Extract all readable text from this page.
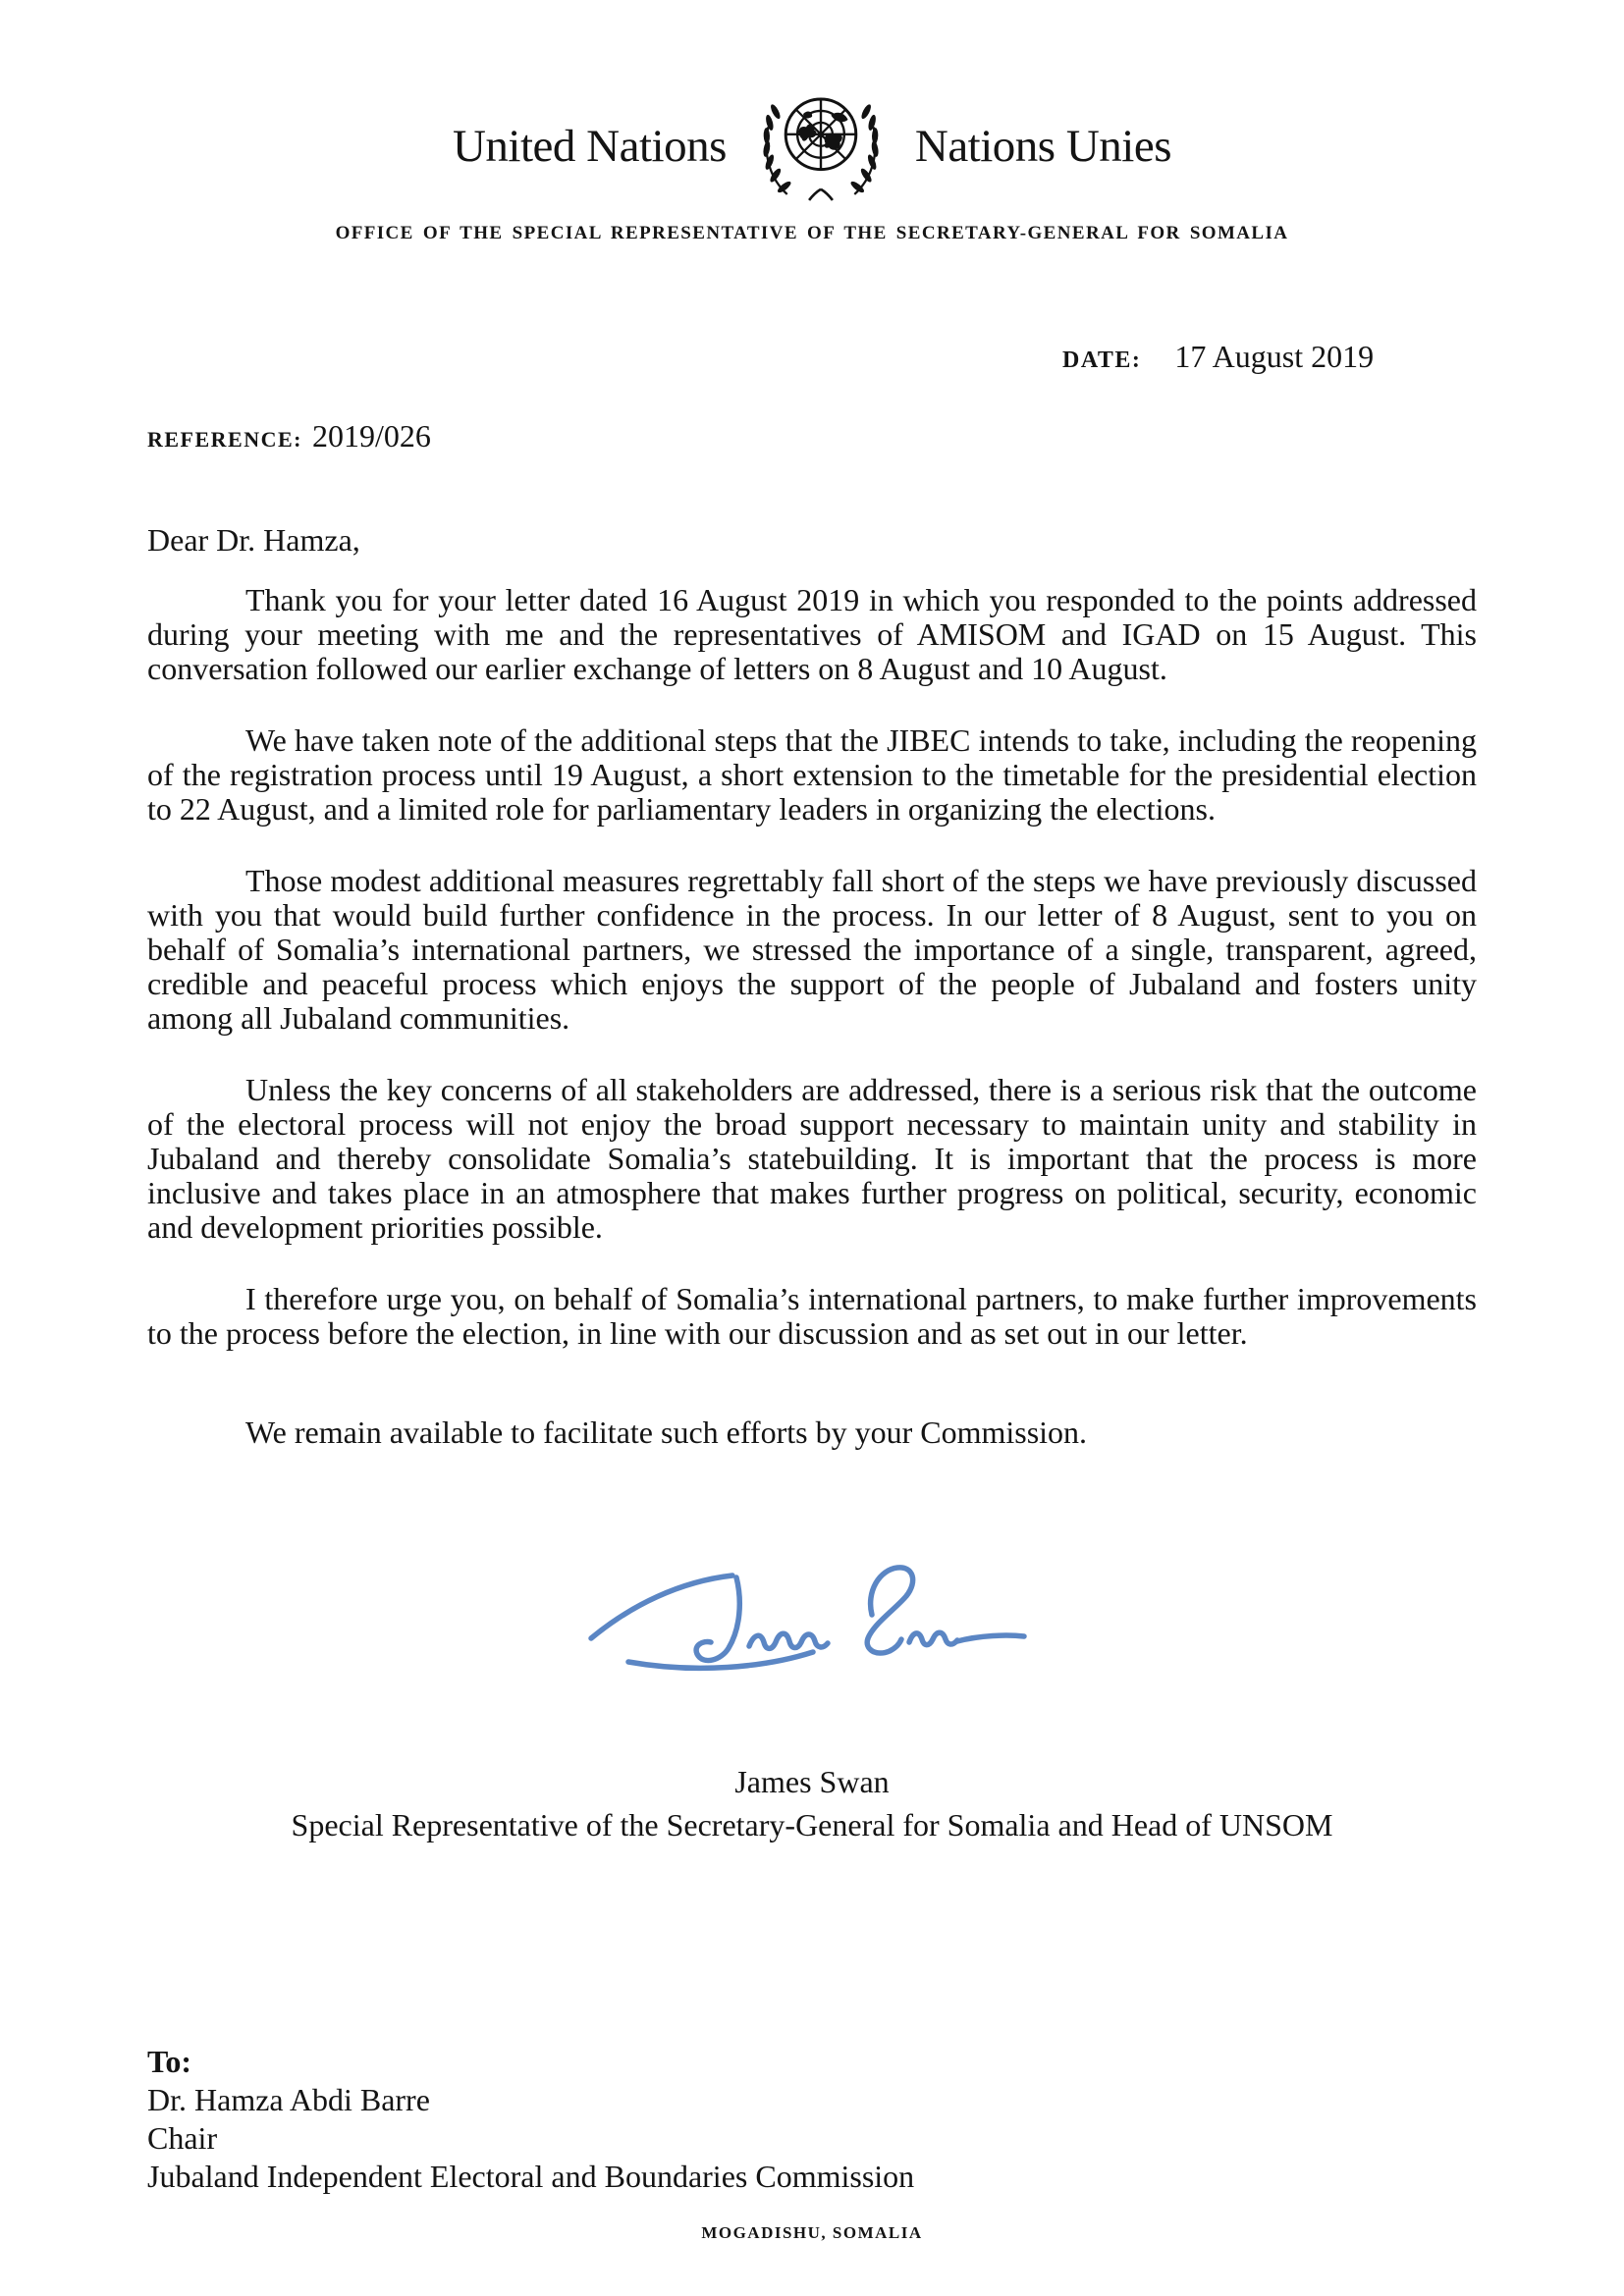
United Nations	Nations Unies
OFFICE OF THE SPECIAL REPRESENTATIVE OF THE SECRETARY-GENERAL FOR SOMALIA
DATE: 17 August 2019
REFERENCE: 2019/026
Dear Dr. Hamza,

Thank you for your letter dated 16 August 2019 in which you responded to the points addressed during your meeting with me and the representatives of AMISOM and IGAD on 15 August. This conversation followed our earlier exchange of letters on 8 August and 10 August.

We have taken note of the additional steps that the JIBEC intends to take, including the reopening of the registration process until 19 August, a short extension to the timetable for the presidential election to 22 August, and a limited role for parliamentary leaders in organizing the elections.

Those modest additional measures regrettably fall short of the steps we have previously discussed with you that would build further confidence in the process. In our letter of 8 August, sent to you on behalf of Somalia’s international partners, we stressed the importance of a single, transparent, agreed, credible and peaceful process which enjoys the support of the people of Jubaland and fosters unity among all Jubaland communities.

Unless the key concerns of all stakeholders are addressed, there is a serious risk that the outcome of the electoral process will not enjoy the broad support necessary to maintain unity and stability in Jubaland and thereby consolidate Somalia’s statebuilding. It is important that the process is more inclusive and takes place in an atmosphere that makes further progress on political, security, economic and development priorities possible.

I therefore urge you, on behalf of Somalia’s international partners, to make further improvements to the process before the election, in line with our discussion and as set out in our letter.

We remain available to facilitate such efforts by your Commission.

James Swan
Special Representative of the Secretary-General for Somalia and Head of UNSOM
To:
Dr. Hamza Abdi Barre
Chair
Jubaland Independent Electoral and Boundaries Commission
MOGADISHU, SOMALIA
